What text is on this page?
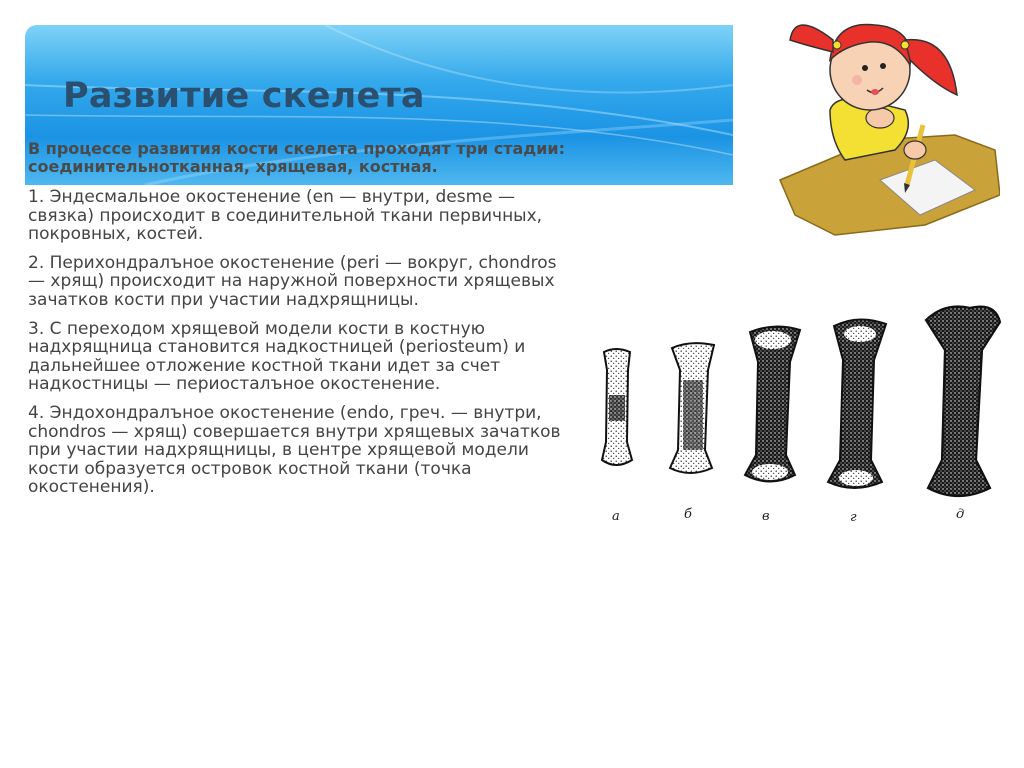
Развитие скелета

В процессе развития кости скелета проходят три стадии: соединительнотканная, хрящевая, костная.

1. Эндесмальное окостенение (en — внутри, desme — связка) происходит в соединительной ткани первичных, покровных, костей.

2. Перихондралъное окостенение (peri — вокруг, chondros — хрящ) происходит на наружной поверхности хрящевых зачатков кости при участии надхрящницы.

3. С переходом хрящевой модели кости в костную надхрящница становится надкостницей (periosteum) и дальнейшее отложение костной ткани идет за счет надкостницы — периосталъное окостенение.

4. Эндохондралъное окостенение (endo, греч. — внутри, chondros — хрящ) совершается внутри хрящевых зачатков при участии надхрящницы, в центре хрящевой модели кости образуется островок костной ткани (точка окостенения).

а	б	в	г	д
